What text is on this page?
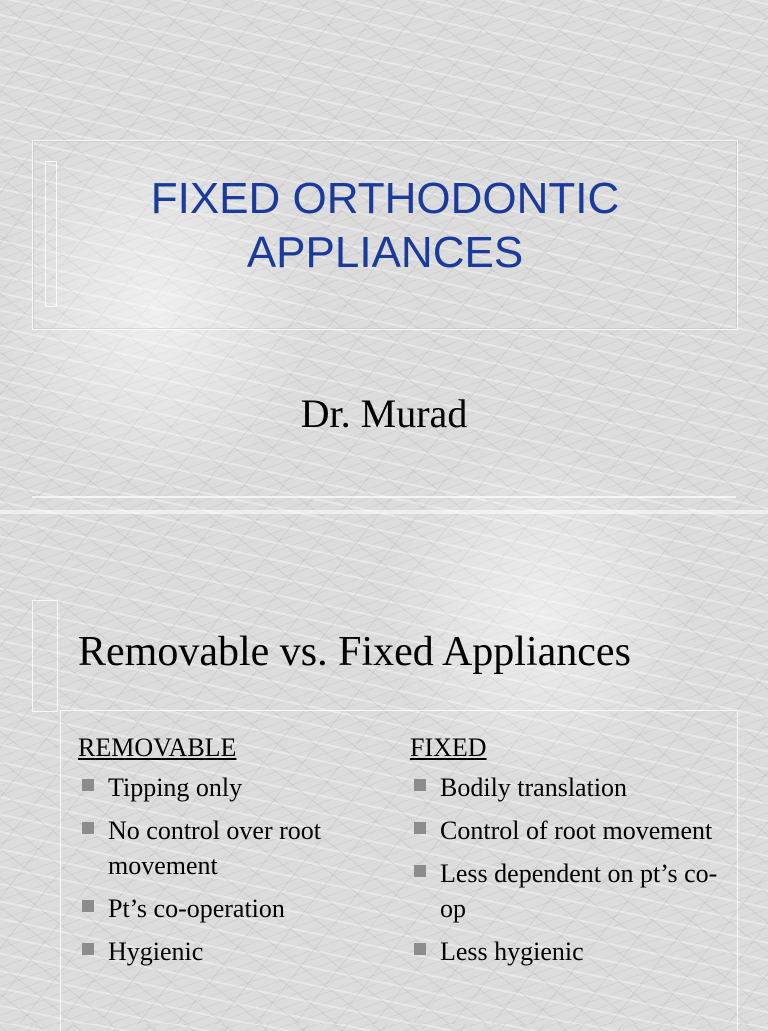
FIXED ORTHODONTIC
APPLIANCES
Dr. Murad
Removable vs. Fixed Appliances
REMOVABLE
Tipping only
No control over root movement
Pt’s co-operation
Hygienic
FIXED
Bodily translation
Control of root movement
Less dependent on pt’s co-op
Less hygienic
